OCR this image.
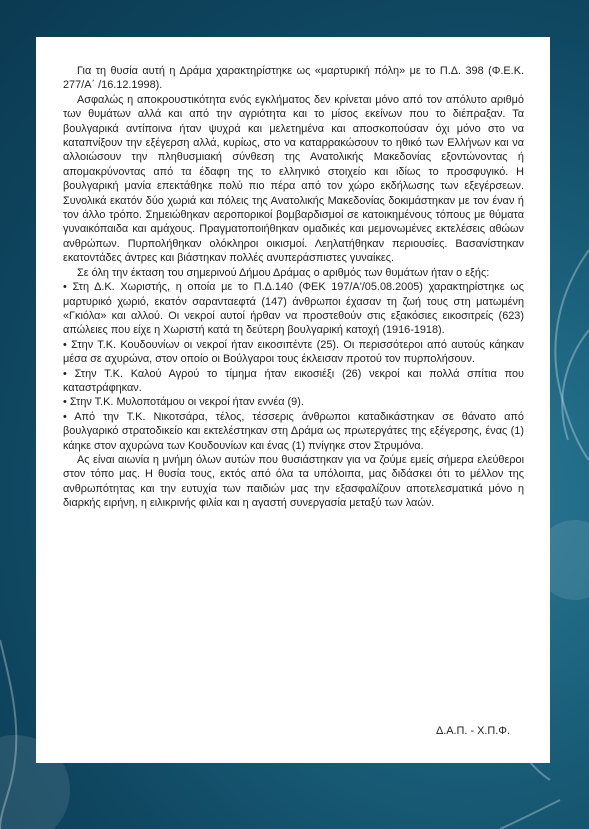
Για τη θυσία αυτή η Δράμα χαρακτηρίστηκε ως «μαρτυρική πόλη» με το Π.Δ. 398 (Φ.Ε.Κ. 277/Α΄ /16.12.1998).

Ασφαλώς η αποκρουστικότητα ενός εγκλήματος δεν κρίνεται μόνο από τον απόλυτο αριθμό των θυμάτων αλλά και από την αγριότητα και το μίσος εκείνων που το διέπραξαν. Τα βουλγαρικά αντίποινα ήταν ψυχρά και μελετημένα και αποσκοπούσαν όχι μόνο στο να καταπνίξουν την εξέγερση αλλά, κυρίως, στο να καταρρακώσουν το ηθικό των Ελλήνων και να αλλοιώσουν την πληθυσμιακή σύνθεση της Ανατολικής Μακεδονίας εξοντώνοντας ή απομακρύνοντας από τα έδαφη της το ελληνικό στοιχείο και ιδίως το προσφυγικό. Η βουλγαρική μανία επεκτάθηκε πολύ πιο πέρα από τον χώρο εκδήλωσης των εξεγέρσεων. Συνολικά εκατόν δύο χωριά και πόλεις της Ανατολικής Μακεδονίας δοκιμάστηκαν με τον έναν ή τον άλλο τρόπο. Σημειώθηκαν αεροπορικοί βομβαρδισμοί σε κατοικημένους τόπους με θύματα γυναικόπαιδα και αμάχους. Πραγματοποιήθηκαν ομαδικές και μεμονωμένες εκτελέσεις αθώων ανθρώπων. Πυρπολήθηκαν ολόκληροι οικισμοί. Λεηλατήθηκαν περιουσίες. Βασανίστηκαν εκατοντάδες άντρες και βιάστηκαν πολλές ανυπεράσπιστες γυναίκες.

Σε όλη την έκταση του σημερινού Δήμου Δράμας ο αριθμός των θυμάτων ήταν ο εξής:

• Στη Δ.Κ. Χωριστής, η οποία με το Π.Δ.140 (ΦΕΚ 197/Α'/05.08.2005) χαρακτηρίστηκε ως μαρτυρικό χωριό, εκατόν σαρανταεφτά (147) άνθρωποι έχασαν τη ζωή τους στη ματωμένη «Γκιόλα» και αλλού. Οι νεκροί αυτοί ήρθαν να προστεθούν στις εξακόσιες εικοσιτρείς (623) απώλειες που είχε η Χωριστή κατά τη δεύτερη βουλγαρική κατοχή (1916-1918).

• Στην Τ.Κ. Κουδουνίων οι νεκροί ήταν εικοσιπέντε (25). Οι περισσότεροι από αυτούς κάηκαν μέσα σε αχυρώνα, στον οποίο οι Βούλγαροι τους έκλεισαν προτού τον πυρπολήσουν.

• Στην Τ.Κ. Καλού Αγρού το τίμημα ήταν εικοσιέξι (26) νεκροί και πολλά σπίτια που καταστράφηκαν.

• Στην Τ.Κ. Μυλοποτάμου οι νεκροί ήταν εννέα (9).

• Από την Τ.Κ. Νικοτσάρα, τέλος, τέσσερις άνθρωποι καταδικάστηκαν σε θάνατο από βουλγαρικό στρατοδικείο και εκτελέστηκαν στη Δράμα ως πρωτεργάτες της εξέγερσης, ένας (1) κάηκε στον αχυρώνα των Κουδουνίων και ένας (1) πνίγηκε στον Στρυμόνα.

Ας είναι αιωνία η μνήμη όλων αυτών που θυσιάστηκαν για να ζούμε εμείς σήμερα ελεύθεροι στον τόπο μας. Η θυσία τους, εκτός από όλα τα υπόλοιπα, μας διδάσκει ότι το μέλλον της ανθρωπότητας και την ευτυχία των παιδιών μας την εξασφαλίζουν αποτελεσματικά μόνο η διαρκής ειρήνη, η ειλικρινής φιλία και η αγαστή συνεργασία μεταξύ των λαών.

Δ.Α.Π. - Χ.Π.Φ.
